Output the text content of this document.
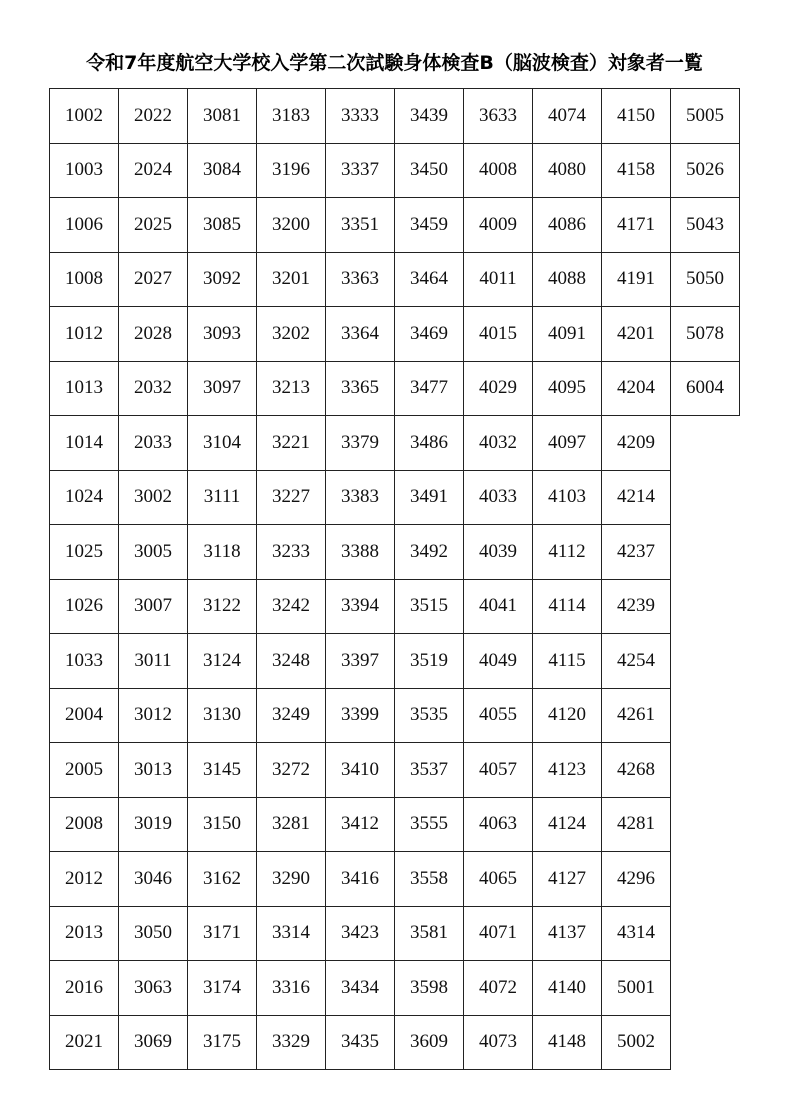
令和7年度航空大学校入学第二次試験身体検査B（脳波検査）対象者一覧
1002	2022	3081	3183	3333	3439	3633	4074	4150	5005
1003	2024	3084	3196	3337	3450	4008	4080	4158	5026
1006	2025	3085	3200	3351	3459	4009	4086	4171	5043
1008	2027	3092	3201	3363	3464	4011	4088	4191	5050
1012	2028	3093	3202	3364	3469	4015	4091	4201	5078
1013	2032	3097	3213	3365	3477	4029	4095	4204	6004
1014	2033	3104	3221	3379	3486	4032	4097	4209	
1024	3002	3111	3227	3383	3491	4033	4103	4214	
1025	3005	3118	3233	3388	3492	4039	4112	4237	
1026	3007	3122	3242	3394	3515	4041	4114	4239	
1033	3011	3124	3248	3397	3519	4049	4115	4254	
2004	3012	3130	3249	3399	3535	4055	4120	4261	
2005	3013	3145	3272	3410	3537	4057	4123	4268	
2008	3019	3150	3281	3412	3555	4063	4124	4281	
2012	3046	3162	3290	3416	3558	4065	4127	4296	
2013	3050	3171	3314	3423	3581	4071	4137	4314	
2016	3063	3174	3316	3434	3598	4072	4140	5001	
2021	3069	3175	3329	3435	3609	4073	4148	5002	
